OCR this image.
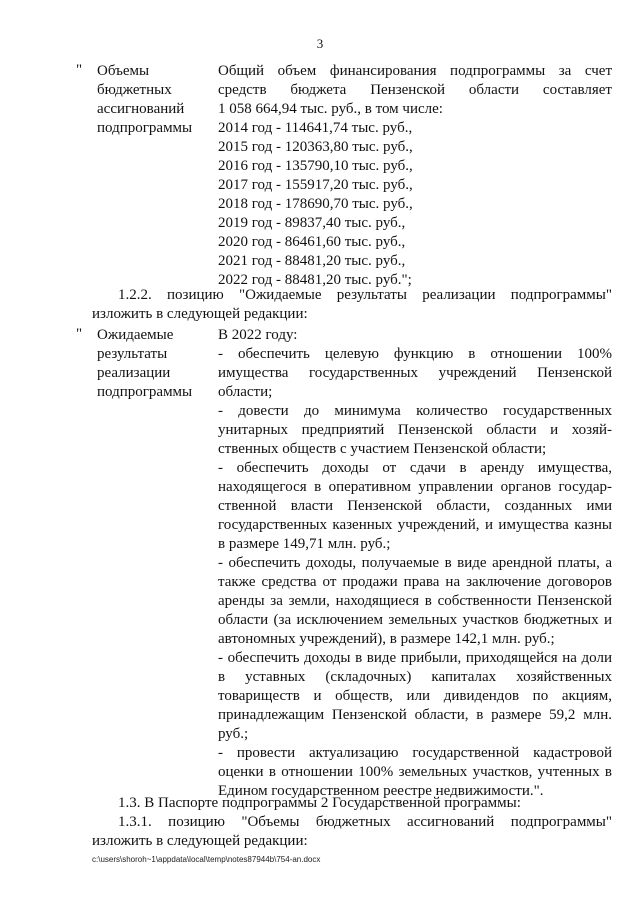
3
" Объемы

бюджетных

ассигнований

подпрограммы

Общий объем финансирования подпрограммы за счет

средств бюджета Пензенской области составляет

1 058 664,94 тыс. руб., в том числе:

2014 год - 114641,74 тыс. руб.,

2015 год - 120363,80 тыс. руб.,

2016 год - 135790,10 тыс. руб.,

2017 год - 155917,20 тыс. руб.,

2018 год - 178690,70 тыс. руб.,

2019 год - 89837,40 тыс. руб.,

2020 год - 86461,60 тыс. руб.,

2021 год - 88481,20 тыс. руб.,

2022 год - 88481,20 тыс. руб.";

1.2.2. позицию "Ожидаемые результаты реализации подпрограммы"

изложить в следующей редакции:

" Ожидаемые

результаты

реализации

подпрограммы

В 2022 году:

- обеспечить целевую функцию в отношении 100% имущества государственных учреждений Пензенской области;

- довести до минимума количество государственных унитарных предприятий Пензенской области и хозяйственных обществ с участием Пензенской области;

- обеспечить доходы от сдачи в аренду имущества, находящегося в оперативном управлении органов государственной власти Пензенской области, созданных ими государственных казенных учреждений, и имущества казны в размере 149,71 млн. руб.;

- обеспечить доходы, получаемые в виде арендной платы, а также средства от продажи права на заключение договоров аренды за земли, находящиеся в собственности Пензенской области (за исключением земельных участков бюджетных и автономных учреждений), в размере 142,1 млн. руб.;

- обеспечить доходы в виде прибыли, приходящейся на доли в уставных (складочных) капиталах хозяйственных товариществ и обществ, или дивидендов по акциям, принадлежащим Пензенской области, в размере 59,2 млн. руб.;

- провести актуализацию государственной кадастровой оценки в отношении 100% земельных участков, учтенных в Едином государственном реестре недвижимости.".

1.3. В Паспорте подпрограммы 2 Государственной программы:

1.3.1. позицию "Объемы бюджетных ассигнований подпрограммы"

изложить в следующей редакции:

c:\users\shoroh~1\appdata\local\temp\notes87944b\754-an.docx
